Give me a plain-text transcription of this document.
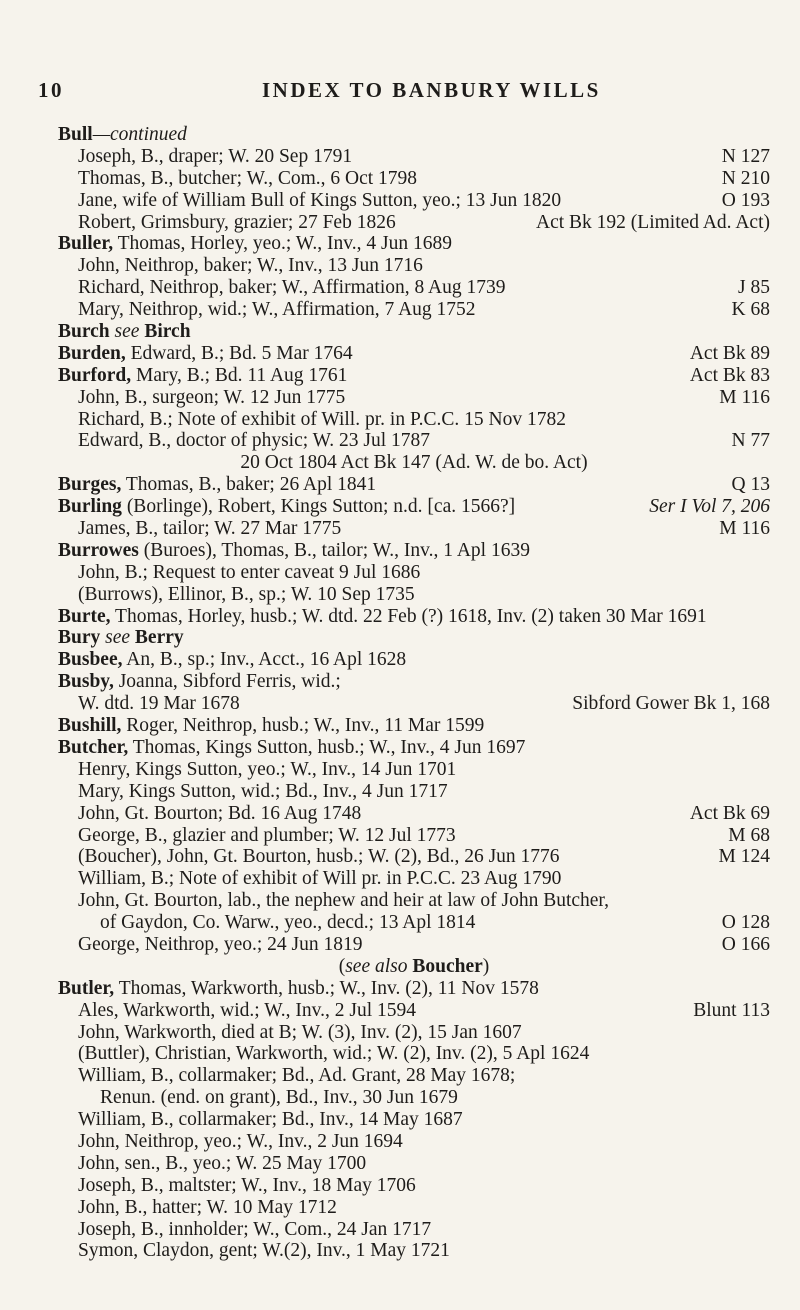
10	INDEX TO BANBURY WILLS
Bull—continued
Joseph, B., draper; W. 20 Sep 1791	N 127
Thomas, B., butcher; W., Com., 6 Oct 1798	N 210
Jane, wife of William Bull of Kings Sutton, yeo.; 13 Jun 1820	O 193
Robert, Grimsbury, grazier; 27 Feb 1826	Act Bk 192 (Limited Ad. Act)
Buller, Thomas, Horley, yeo.; W., Inv., 4 Jun 1689
John, Neithrop, baker; W., Inv., 13 Jun 1716
Richard, Neithrop, baker; W., Affirmation, 8 Aug 1739	J 85
Mary, Neithrop, wid.; W., Affirmation, 7 Aug 1752	K 68
Burch see Birch
Burden, Edward, B.; Bd. 5 Mar 1764	Act Bk 89
Burford, Mary, B.; Bd. 11 Aug 1761	Act Bk 83
John, B., surgeon; W. 12 Jun 1775	M 116
Richard, B.; Note of exhibit of Will. pr. in P.C.C. 15 Nov 1782
Edward, B., doctor of physic; W. 23 Jul 1787	N 77
20 Oct 1804 Act Bk 147 (Ad. W. de bo. Act)
Burges, Thomas, B., baker; 26 Apl 1841	Q 13
Burling (Borlinge), Robert, Kings Sutton; n.d. [ca. 1566?]	Ser I Vol 7, 206
James, B., tailor; W. 27 Mar 1775	M 116
Burrowes (Buroes), Thomas, B., tailor; W., Inv., 1 Apl 1639
John, B.; Request to enter caveat 9 Jul 1686
(Burrows), Ellinor, B., sp.; W. 10 Sep 1735
Burte, Thomas, Horley, husb.; W. dtd. 22 Feb (?) 1618, Inv. (2) taken 30 Mar 1691
Bury see Berry
Busbee, An, B., sp.; Inv., Acct., 16 Apl 1628
Busby, Joanna, Sibford Ferris, wid.;
W. dtd. 19 Mar 1678	Sibford Gower Bk 1, 168
Bushill, Roger, Neithrop, husb.; W., Inv., 11 Mar 1599
Butcher, Thomas, Kings Sutton, husb.; W., Inv., 4 Jun 1697
Henry, Kings Sutton, yeo.; W., Inv., 14 Jun 1701
Mary, Kings Sutton, wid.; Bd., Inv., 4 Jun 1717
John, Gt. Bourton; Bd. 16 Aug 1748	Act Bk 69
George, B., glazier and plumber; W. 12 Jul 1773	M 68
(Boucher), John, Gt. Bourton, husb.; W. (2), Bd., 26 Jun 1776	M 124
William, B.; Note of exhibit of Will pr. in P.C.C. 23 Aug 1790
John, Gt. Bourton, lab., the nephew and heir at law of John Butcher,
of Gaydon, Co. Warw., yeo., decd.; 13 Apl 1814	O 128
George, Neithrop, yeo.; 24 Jun 1819	O 166
(see also Boucher)
Butler, Thomas, Warkworth, husb.; W., Inv. (2), 11 Nov 1578
Ales, Warkworth, wid.; W., Inv., 2 Jul 1594	Blunt 113
John, Warkworth, died at B; W. (3), Inv. (2), 15 Jan 1607
(Buttler), Christian, Warkworth, wid.; W. (2), Inv. (2), 5 Apl 1624
William, B., collarmaker; Bd., Ad. Grant, 28 May 1678;
Renun. (end. on grant), Bd., Inv., 30 Jun 1679
William, B., collarmaker; Bd., Inv., 14 May 1687
John, Neithrop, yeo.; W., Inv., 2 Jun 1694
John, sen., B., yeo.; W. 25 May 1700
Joseph, B., maltster; W., Inv., 18 May 1706
John, B., hatter; W. 10 May 1712
Joseph, B., innholder; W., Com., 24 Jan 1717
Symon, Claydon, gent; W.(2), Inv., 1 May 1721
